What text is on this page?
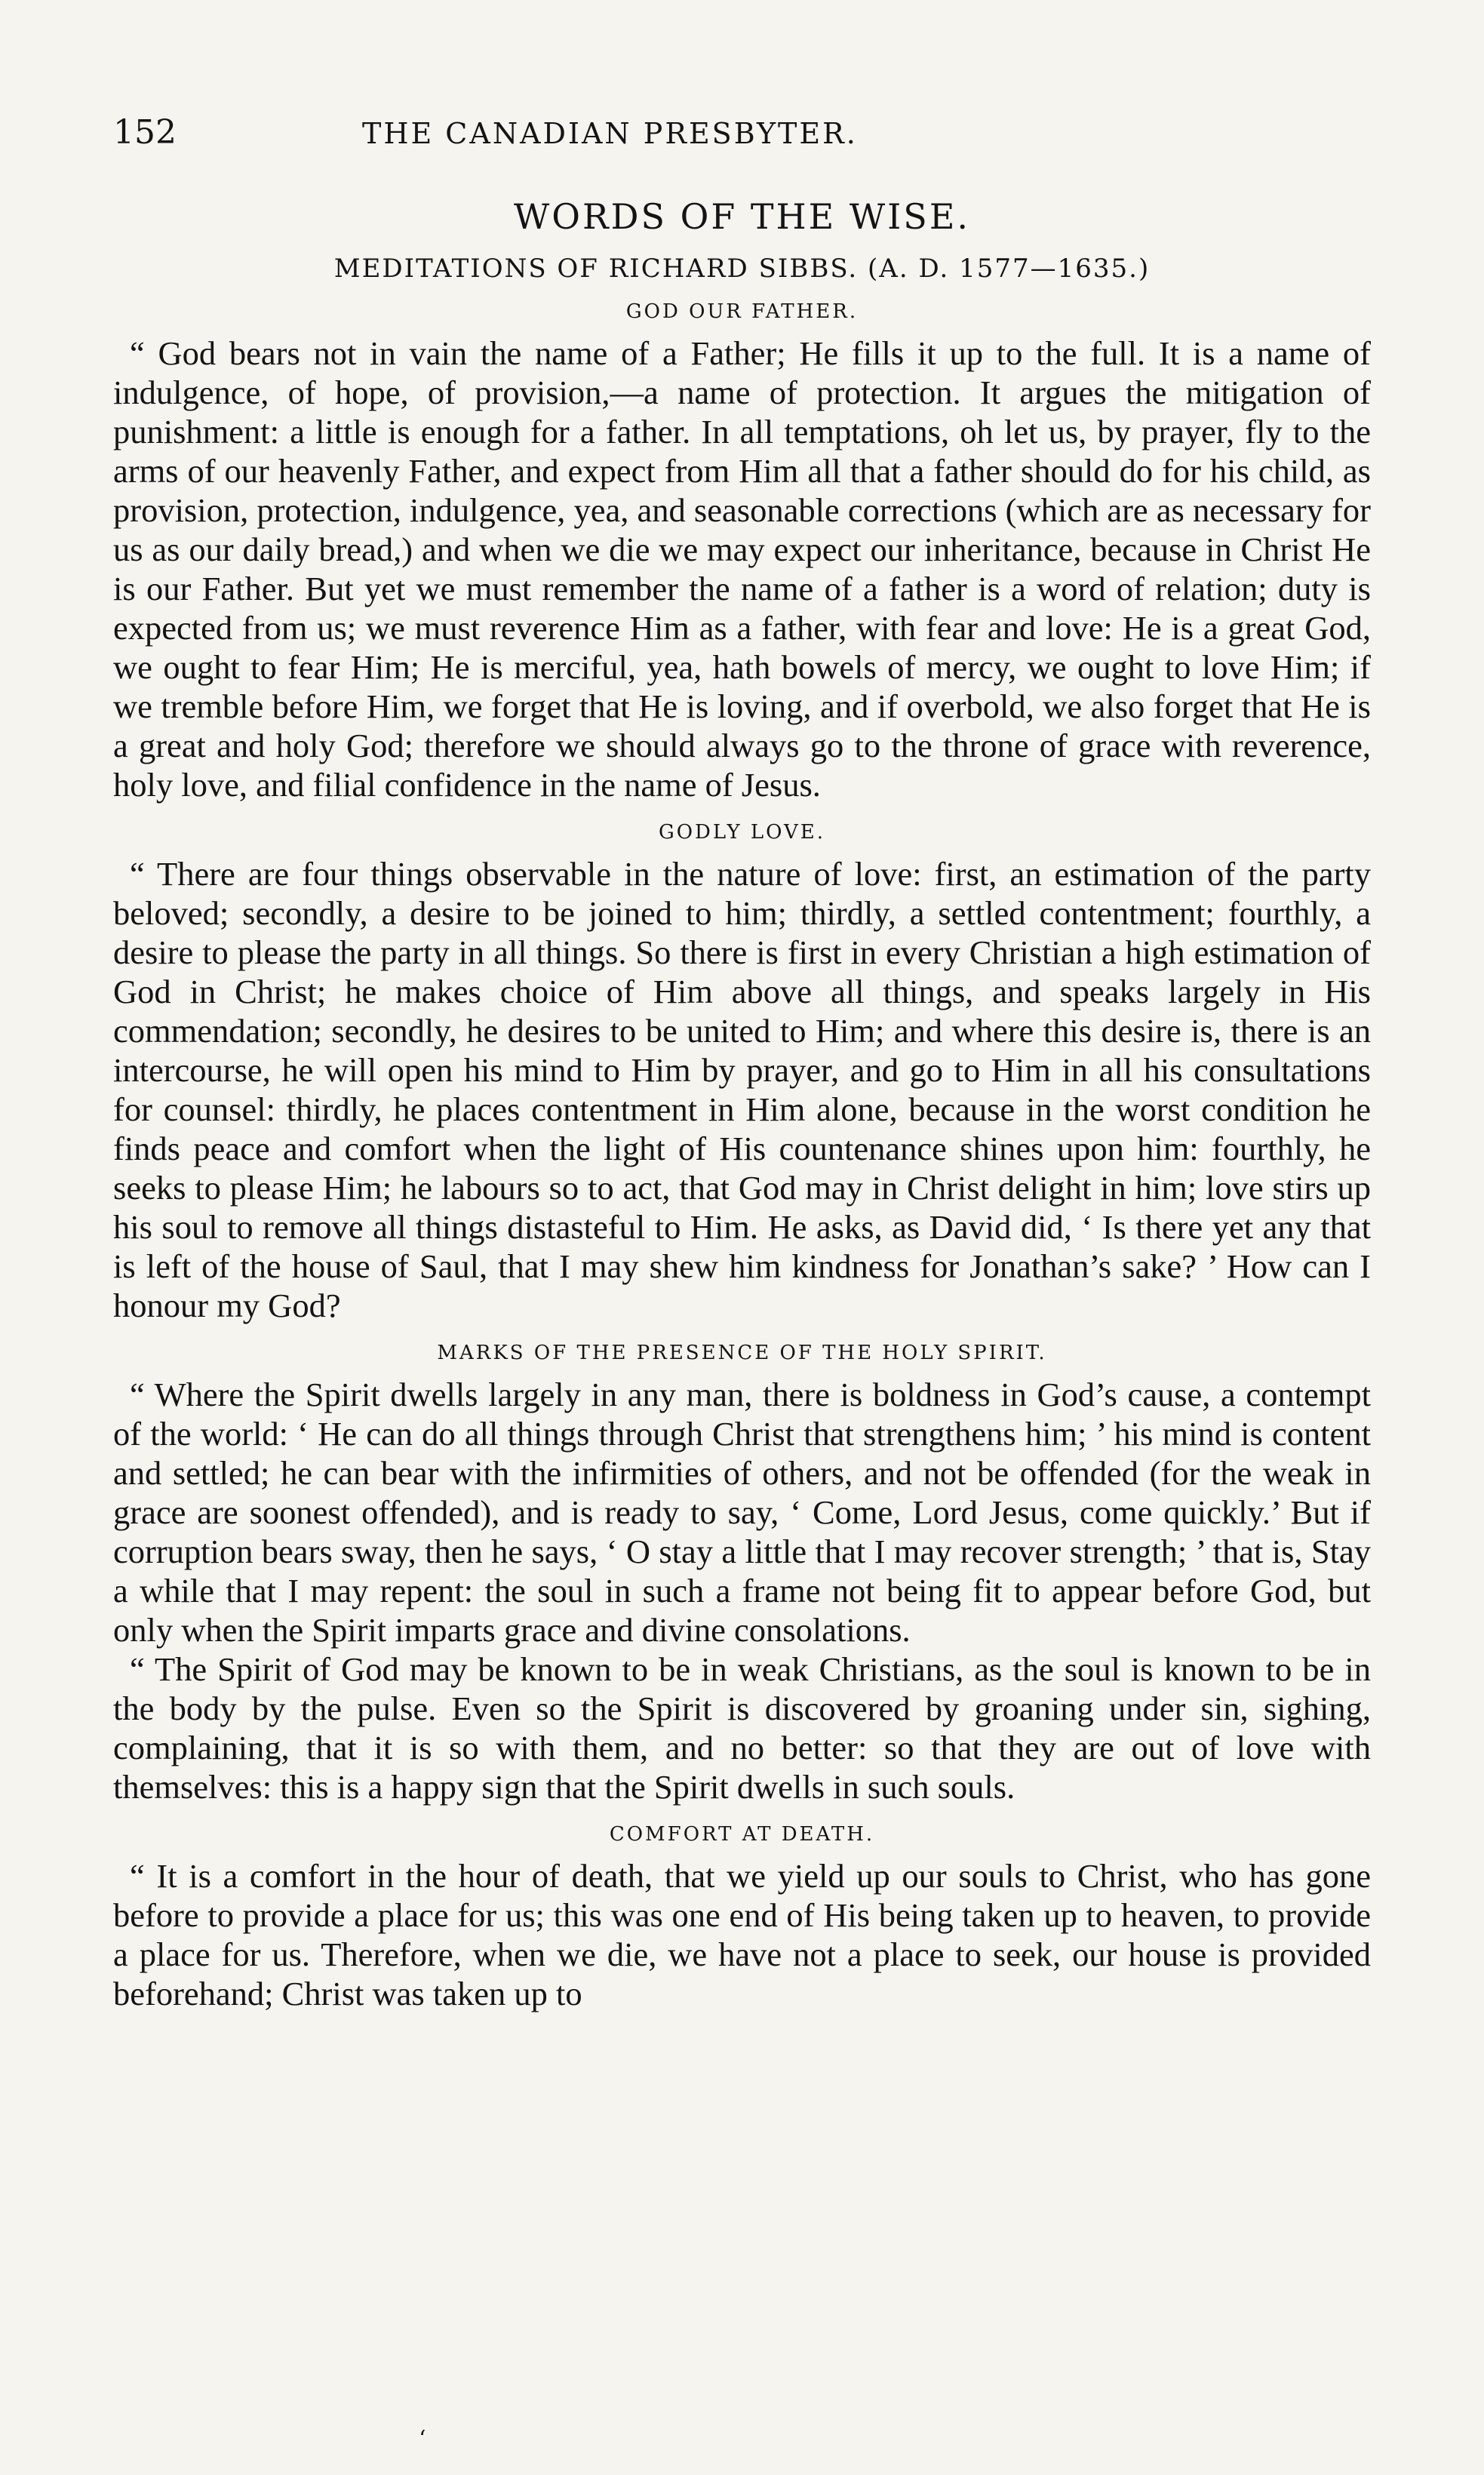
152	THE CANADIAN PRESBYTER.
WORDS OF THE WISE.
MEDITATIONS OF RICHARD SIBBS. (A. D. 1577—1635.)
GOD OUR FATHER.

“ God bears not in vain the name of a Father; He fills it up to the full. It is a name of indulgence, of hope, of provision,—a name of protection. It argues the mitigation of punishment: a little is enough for a father. In all temptations, oh let us, by prayer, fly to the arms of our heavenly Father, and expect from Him all that a father should do for his child, as provision, protection, indulgence, yea, and seasonable corrections (which are as necessary for us as our daily bread,) and when we die we may expect our inheritance, because in Christ He is our Father. But yet we must remember the name of a father is a word of relation; duty is expected from us; we must reverence Him as a father, with fear and love: He is a great God, we ought to fear Him; He is merciful, yea, hath bowels of mercy, we ought to love Him; if we tremble before Him, we forget that He is loving, and if overbold, we also forget that He is a great and holy God; therefore we should always go to the throne of grace with reverence, holy love, and filial confidence in the name of Jesus.

GODLY LOVE.

“ There are four things observable in the nature of love: first, an estimation of the party beloved; secondly, a desire to be joined to him; thirdly, a settled contentment; fourthly, a desire to please the party in all things. So there is first in every Christian a high estimation of God in Christ; he makes choice of Him above all things, and speaks largely in His commendation; secondly, he desires to be united to Him; and where this desire is, there is an intercourse, he will open his mind to Him by prayer, and go to Him in all his consultations for counsel: thirdly, he places contentment in Him alone, because in the worst condition he finds peace and comfort when the light of His countenance shines upon him: fourthly, he seeks to please Him; he labours so to act, that God may in Christ delight in him; love stirs up his soul to remove all things distasteful to Him. He asks, as David did, ‘ Is there yet any that is left of the house of Saul, that I may shew him kindness for Jonathan’s sake? ’ How can I honour my God?

MARKS OF THE PRESENCE OF THE HOLY SPIRIT.

“ Where the Spirit dwells largely in any man, there is boldness in God’s cause, a contempt of the world: ‘ He can do all things through Christ that strengthens him; ’ his mind is content and settled; he can bear with the infirmities of others, and not be offended (for the weak in grace are soonest offended), and is ready to say, ‘ Come, Lord Jesus, come quickly.’ But if corruption bears sway, then he says, ‘ O stay a little that I may recover strength; ’ that is, Stay a while that I may repent: the soul in such a frame not being fit to appear before God, but only when the Spirit imparts grace and divine consolations.

“ The Spirit of God may be known to be in weak Christians, as the soul is known to be in the body by the pulse. Even so the Spirit is discovered by groaning under sin, sighing, complaining, that it is so with them, and no better: so that they are out of love with themselves: this is a happy sign that the Spirit dwells in such souls.

COMFORT AT DEATH.

“ It is a comfort in the hour of death, that we yield up our souls to Christ, who has gone before to provide a place for us; this was one end of His being taken up to heaven, to provide a place for us. Therefore, when we die, we have not a place to seek, our house is provided beforehand; Christ was taken up to

‘
